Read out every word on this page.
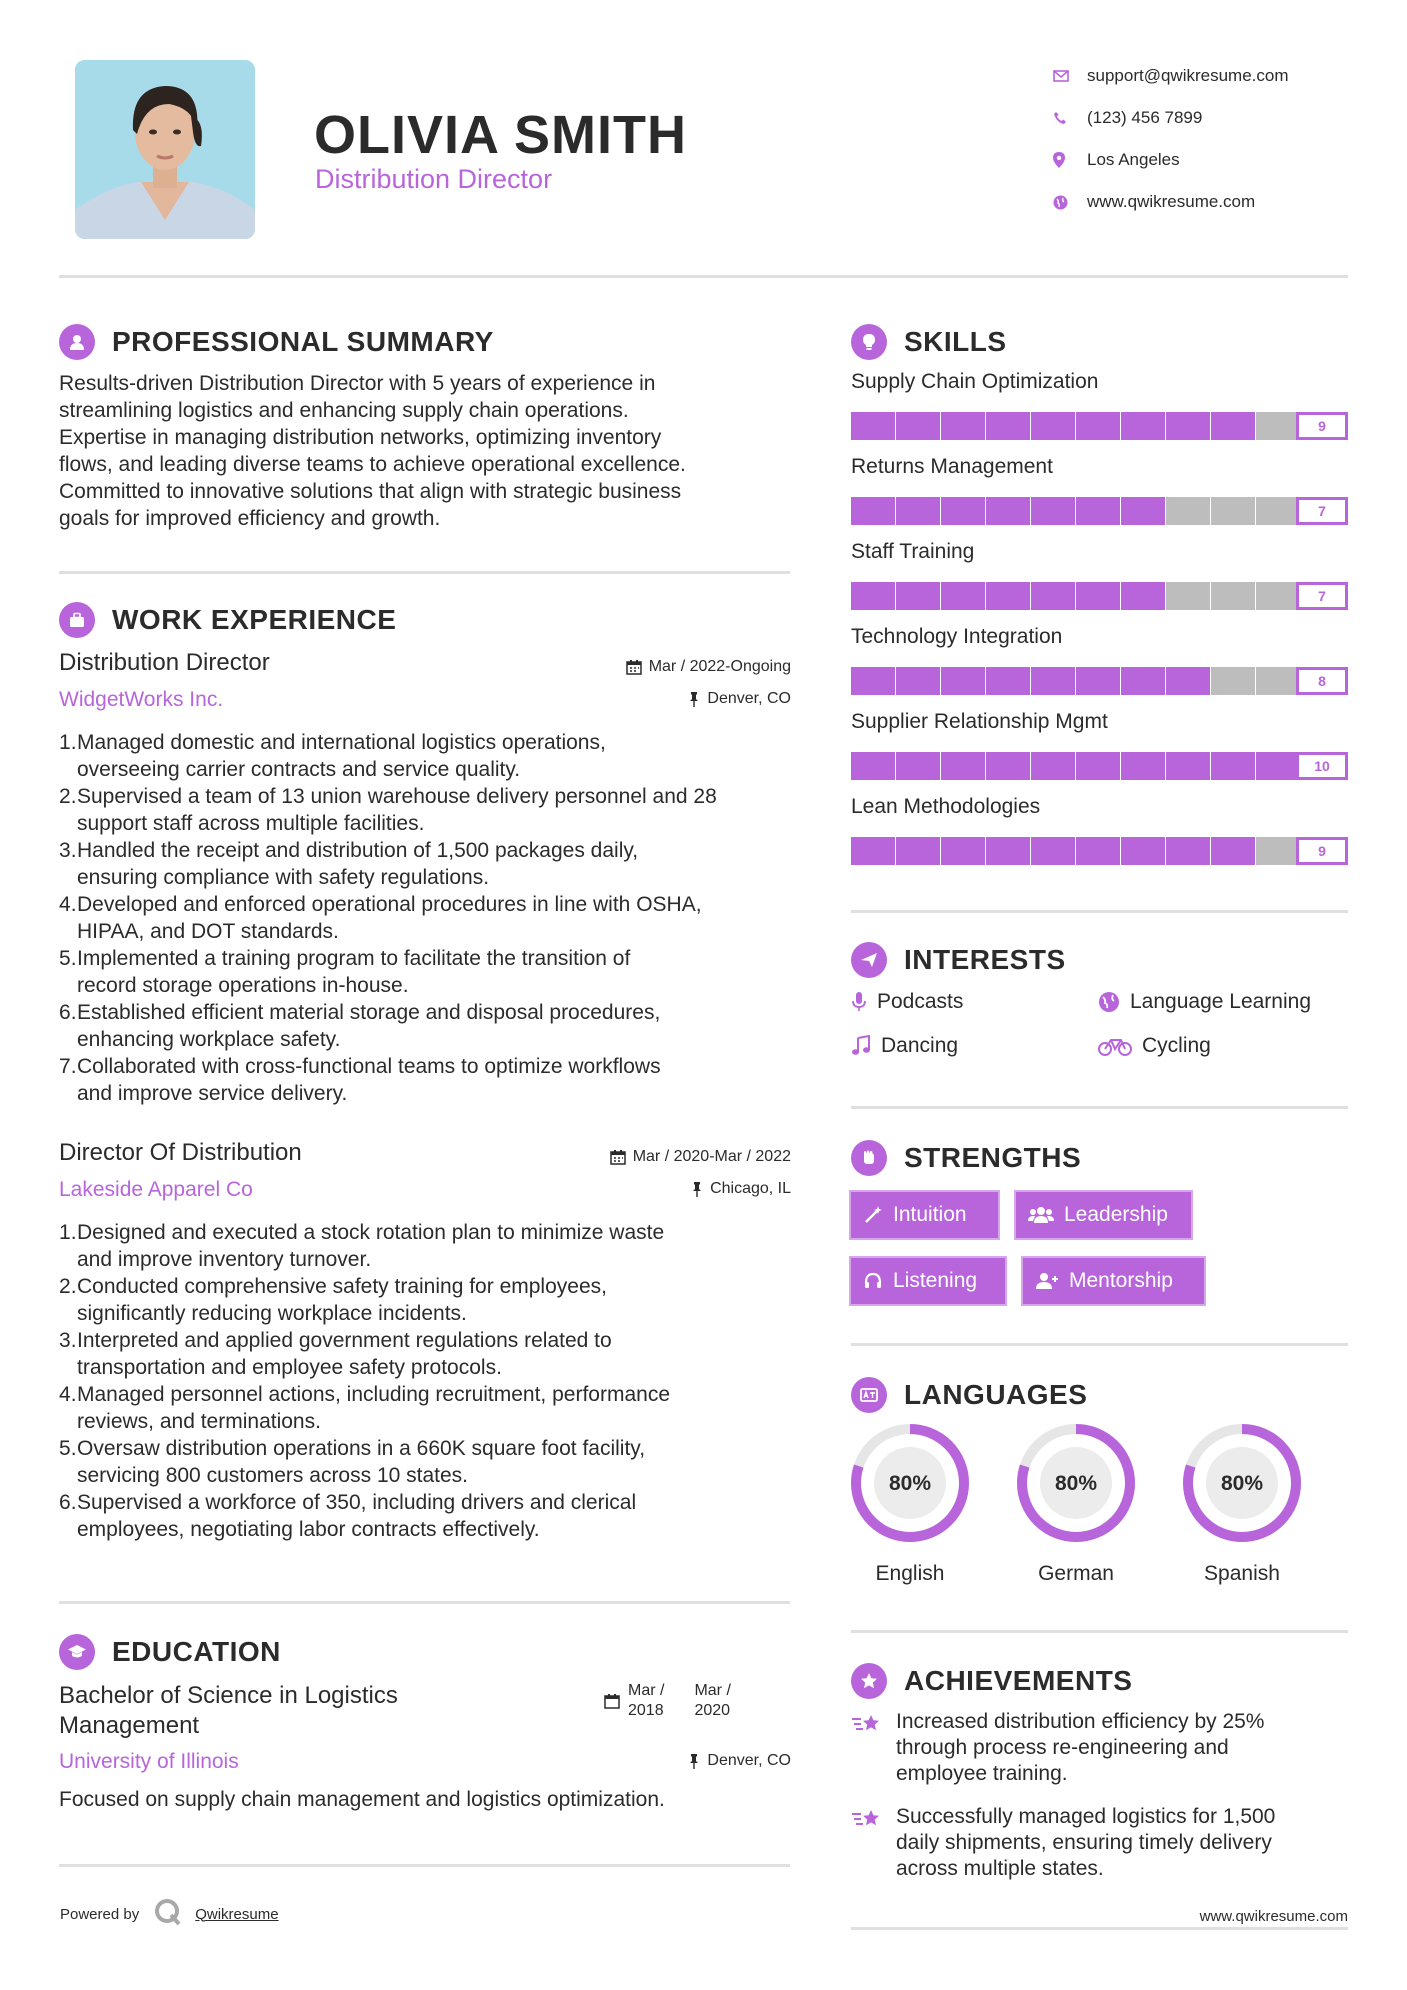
OLIVIA SMITH
Distribution Director
support@qwikresume.com
(123) 456 7899
Los Angeles
www.qwikresume.com
PROFESSIONAL SUMMARY
Results-driven Distribution Director with 5 years of experience in
streamlining logistics and enhancing supply chain operations.
Expertise in managing distribution networks, optimizing inventory
flows, and leading diverse teams to achieve operational excellence.
Committed to innovative solutions that align with strategic business
goals for improved efficiency and growth.
WORK EXPERIENCE
Distribution Director	Mar / 2022-Ongoing
WidgetWorks Inc.	Denver, CO
Managed domestic and international logistics operations,
overseeing carrier contracts and service quality.
Supervised a team of 13 union warehouse delivery personnel and 28
support staff across multiple facilities.
Handled the receipt and distribution of 1,500 packages daily,
ensuring compliance with safety regulations.
Developed and enforced operational procedures in line with OSHA,
HIPAA, and DOT standards.
Implemented a training program to facilitate the transition of
record storage operations in-house.
Established efficient material storage and disposal procedures,
enhancing workplace safety.
Collaborated with cross-functional teams to optimize workflows
and improve service delivery.
Director Of Distribution	Mar / 2020-Mar / 2022
Lakeside Apparel Co	Chicago, IL
Designed and executed a stock rotation plan to minimize waste
and improve inventory turnover.
Conducted comprehensive safety training for employees,
significantly reducing workplace incidents.
Interpreted and applied government regulations related to
transportation and employee safety protocols.
Managed personnel actions, including recruitment, performance
reviews, and terminations.
Oversaw distribution operations in a 660K square foot facility,
servicing 800 customers across 10 states.
Supervised a workforce of 350, including drivers and clerical
employees, negotiating labor contracts effectively.
EDUCATION
Bachelor of Science in Logistics
Management
Mar /
2018
Mar /
2020
University of Illinois	Denver, CO
Focused on supply chain management and logistics optimization.
SKILLS
Supply Chain Optimization
9
Returns Management
7
Staff Training
7
Technology Integration
8
Supplier Relationship Mgmt
10
Lean Methodologies
9
INTERESTS
Podcasts	Language Learning
Dancing	Cycling
STRENGTHS
Intuition	Leadership
Listening	Mentorship
LANGUAGES
80%
English
80%
German
80%
Spanish
ACHIEVEMENTS
Increased distribution efficiency by 25%
through process re-engineering and
employee training.
Successfully managed logistics for 1,500
daily shipments, ensuring timely delivery
across multiple states.
Powered by	Qwikresume	www.qwikresume.com
